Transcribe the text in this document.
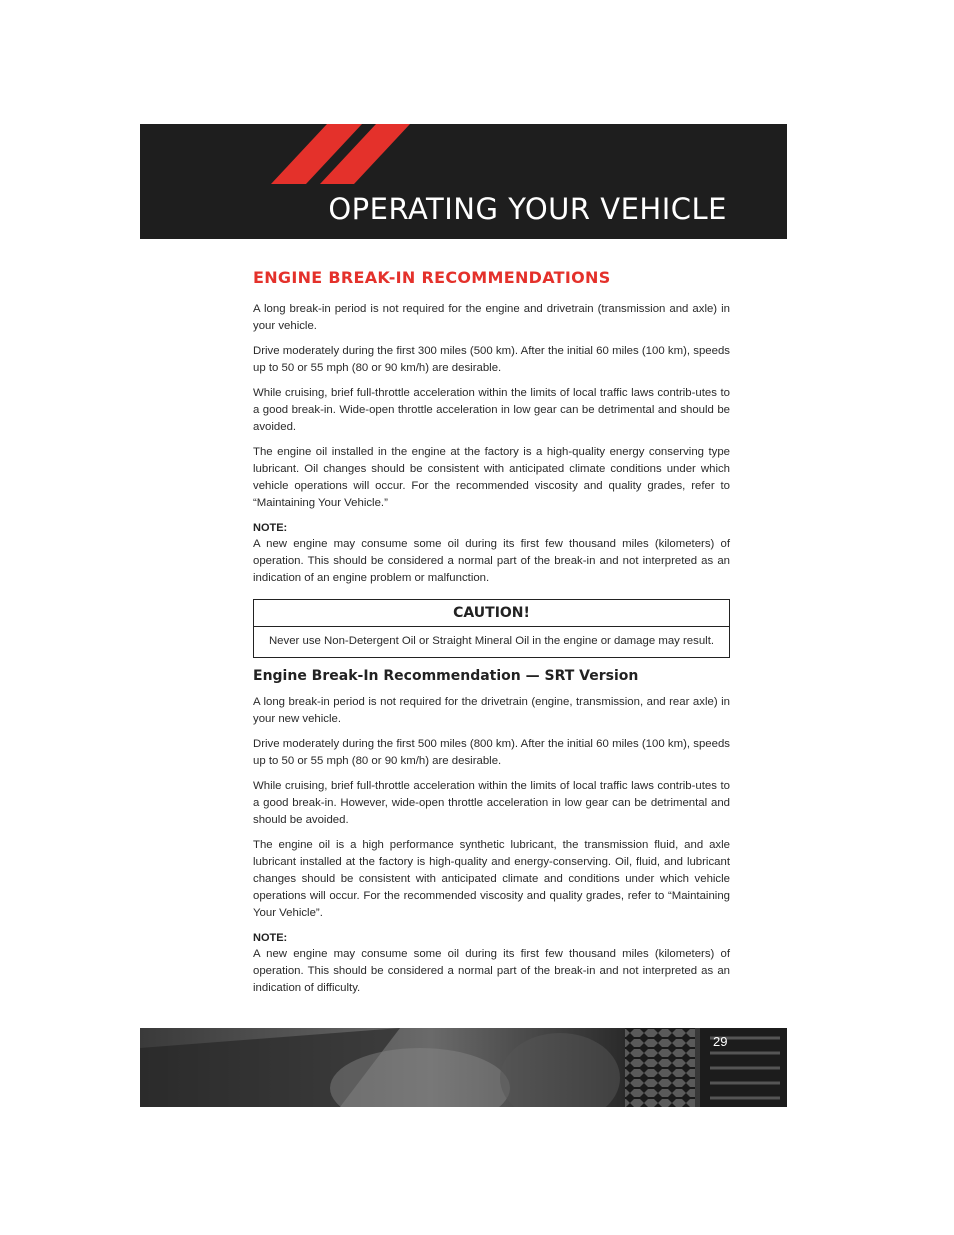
OPERATING YOUR VEHICLE
ENGINE BREAK-IN RECOMMENDATIONS

A long break-in period is not required for the engine and drivetrain (transmission and axle) in your vehicle.

Drive moderately during the first 300 miles (500 km). After the initial 60 miles (100 km), speeds up to 50 or 55 mph (80 or 90 km/h) are desirable.

While cruising, brief full-throttle acceleration within the limits of local traffic laws contrib-utes to a good break-in. Wide-open throttle acceleration in low gear can be detrimental and should be avoided.

The engine oil installed in the engine at the factory is a high-quality energy conserving type lubricant. Oil changes should be consistent with anticipated climate conditions under which vehicle operations will occur. For the recommended viscosity and quality grades, refer to “Maintaining Your Vehicle.”

NOTE:

A new engine may consume some oil during its first few thousand miles (kilometers) of operation. This should be considered a normal part of the break-in and not interpreted as an indication of an engine problem or malfunction.

CAUTION!
Never use Non-Detergent Oil or Straight Mineral Oil in the engine or damage may result.
Engine Break-In Recommendation — SRT Version

A long break-in period is not required for the drivetrain (engine, transmission, and rear axle) in your new vehicle.

Drive moderately during the first 500 miles (800 km). After the initial 60 miles (100 km), speeds up to 50 or 55 mph (80 or 90 km/h) are desirable.

While cruising, brief full-throttle acceleration within the limits of local traffic laws contrib-utes to a good break-in. However, wide-open throttle acceleration in low gear can be detrimental and should be avoided.

The engine oil is a high performance synthetic lubricant, the transmission fluid, and axle lubricant installed at the factory is high-quality and energy-conserving. Oil, fluid, and lubricant changes should be consistent with anticipated climate and conditions under which vehicle operations will occur. For the recommended viscosity and quality grades, refer to “Maintaining Your Vehicle”.

NOTE:

A new engine may consume some oil during its first few thousand miles (kilometers) of operation. This should be considered a normal part of the break-in and not interpreted as an indication of difficulty.

29
